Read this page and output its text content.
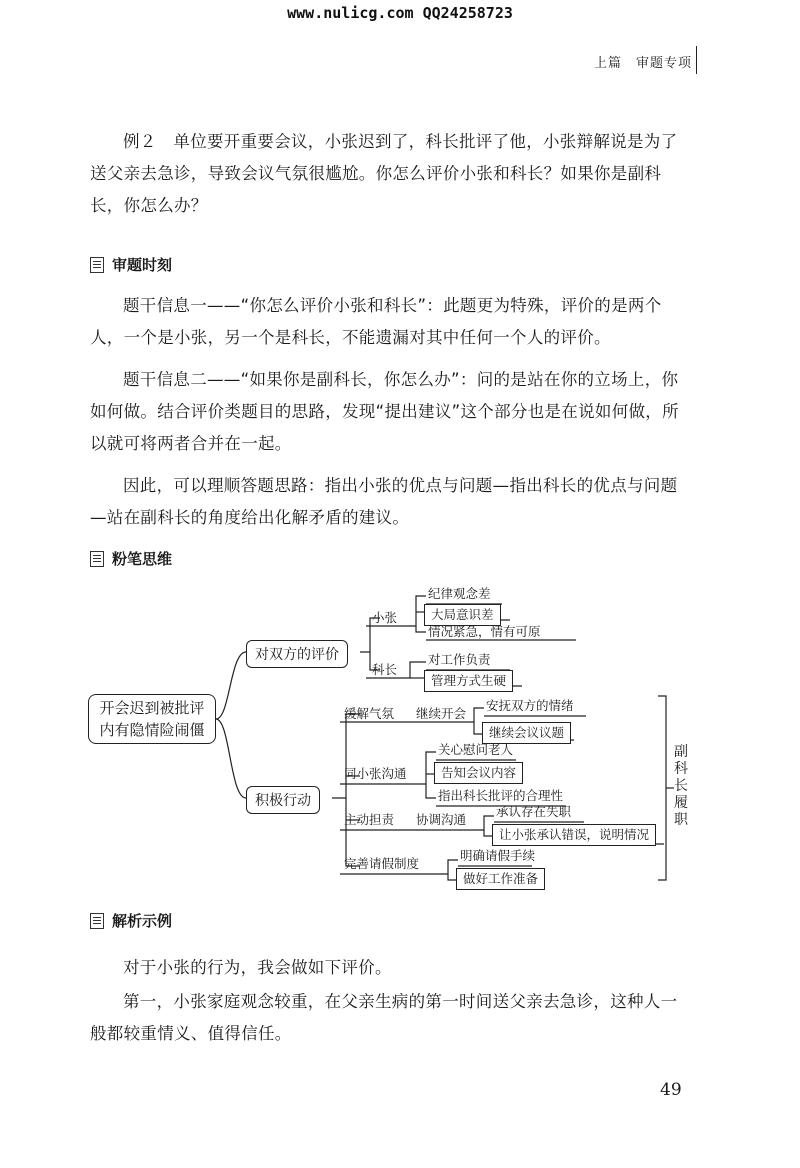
www.nulicg.com QQ24258723
上篇　审题专项
例２　单位要开重要会议，小张迟到了，科长批评了他，小张辩解说是为了送父亲去急诊，导致会议气氛很尴尬。你怎么评价小张和科长？如果你是副科长，你怎么办？
审题时刻
题干信息一——“你怎么评价小张和科长”：此题更为特殊，评价的是两个人，一个是小张，另一个是科长，不能遗漏对其中任何一个人的评价。
题干信息二——“如果你是副科长，你怎么办”：问的是站在你的立场上，你如何做。结合评价类题目的思路，发现“提出建议”这个部分也是在说如何做，所以就可将两者合并在一起。
因此，可以理顺答题思路：指出小张的优点与问题—指出科长的优点与问题—站在副科长的角度给出化解矛盾的建议。
粉笔思维
开会迟到被批评
内有隐情险闹僵
对双方的评价
小张
纪律观念差
大局意识差
情况紧急，情有可原
科长
对工作负责
管理方式生硬
积极行动
缓解气氛 继续开会
安抚双方的情绪
继续会议议题
同小张沟通
关心慰问老人
告知会议内容
指出科长批评的合理性
主动担责 协调沟通
承认存在失职
让小张承认错误，说明情况
完善请假制度
明确请假手续
做好工作准备
副科长履职
解析示例
对于小张的行为，我会做如下评价。
第一，小张家庭观念较重，在父亲生病的第一时间送父亲去急诊，这种人一般都较重情义、值得信任。
49
